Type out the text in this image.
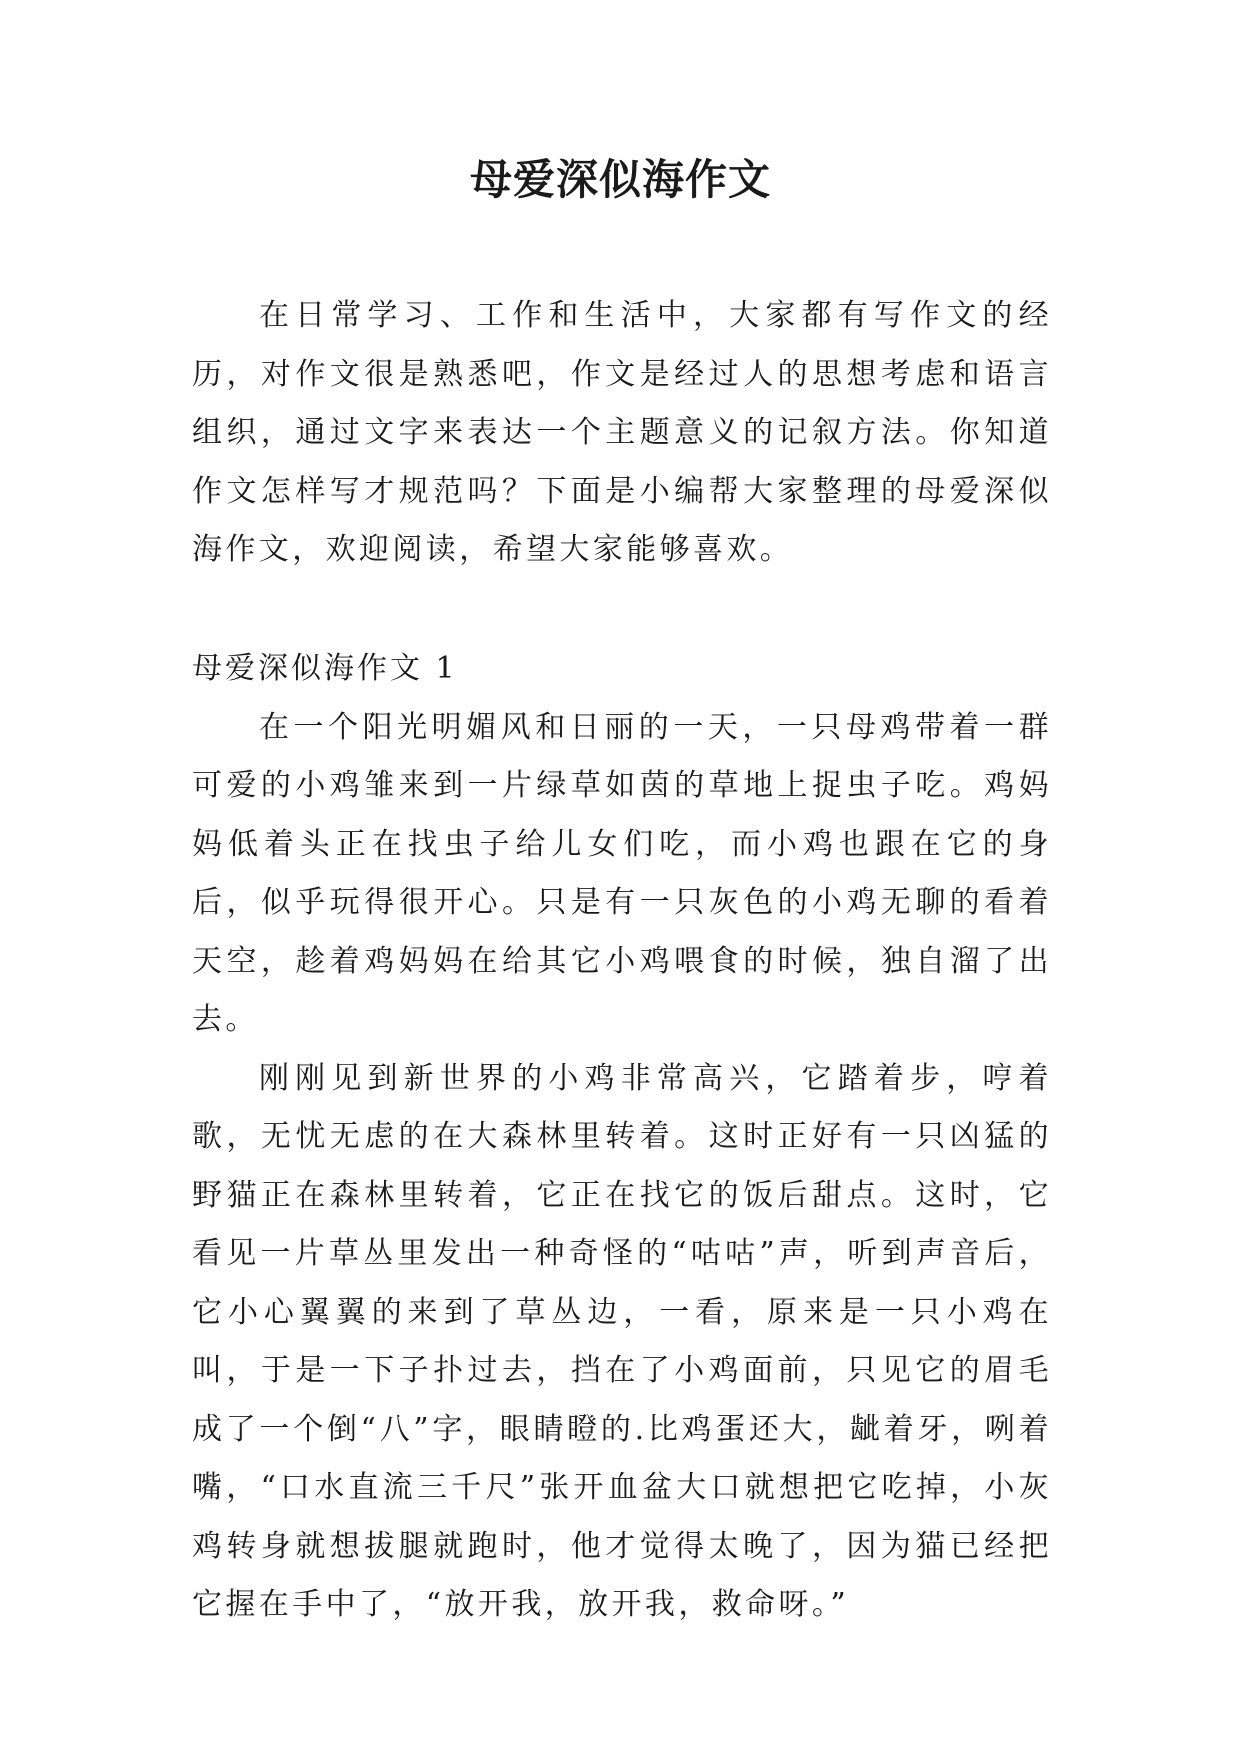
母爱深似海作文

在日常学习、工作和生活中，大家都有写作文的经历，对作文很是熟悉吧，作文是经过人的思想考虑和语言组织，通过文字来表达一个主题意义的记叙方法。你知道作文怎样写才规范吗？下面是小编帮大家整理的母爱深似海作文，欢迎阅读，希望大家能够喜欢。

母爱深似海作文 1

在一个阳光明媚风和日丽的一天，一只母鸡带着一群可爱的小鸡雏来到一片绿草如茵的草地上捉虫子吃。鸡妈妈低着头正在找虫子给儿女们吃，而小鸡也跟在它的身后，似乎玩得很开心。只是有一只灰色的小鸡无聊的看着天空，趁着鸡妈妈在给其它小鸡喂食的时候，独自溜了出去。

刚刚见到新世界的小鸡非常高兴，它踏着步，哼着歌，无忧无虑的在大森林里转着。这时正好有一只凶猛的野猫正在森林里转着，它正在找它的饭后甜点。这时，它看见一片草丛里发出一种奇怪的“咕咕”声，听到声音后，它小心翼翼的来到了草丛边，一看，原来是一只小鸡在叫，于是一下子扑过去，挡在了小鸡面前，只见它的眉毛成了一个倒“八”字，眼睛瞪的.比鸡蛋还大，龇着牙，咧着嘴，“口水直流三千尺”张开血盆大口就想把它吃掉，小灰鸡转身就想拔腿就跑时，他才觉得太晚了，因为猫已经把它握在手中了，“放开我，放开我，救命呀。”
